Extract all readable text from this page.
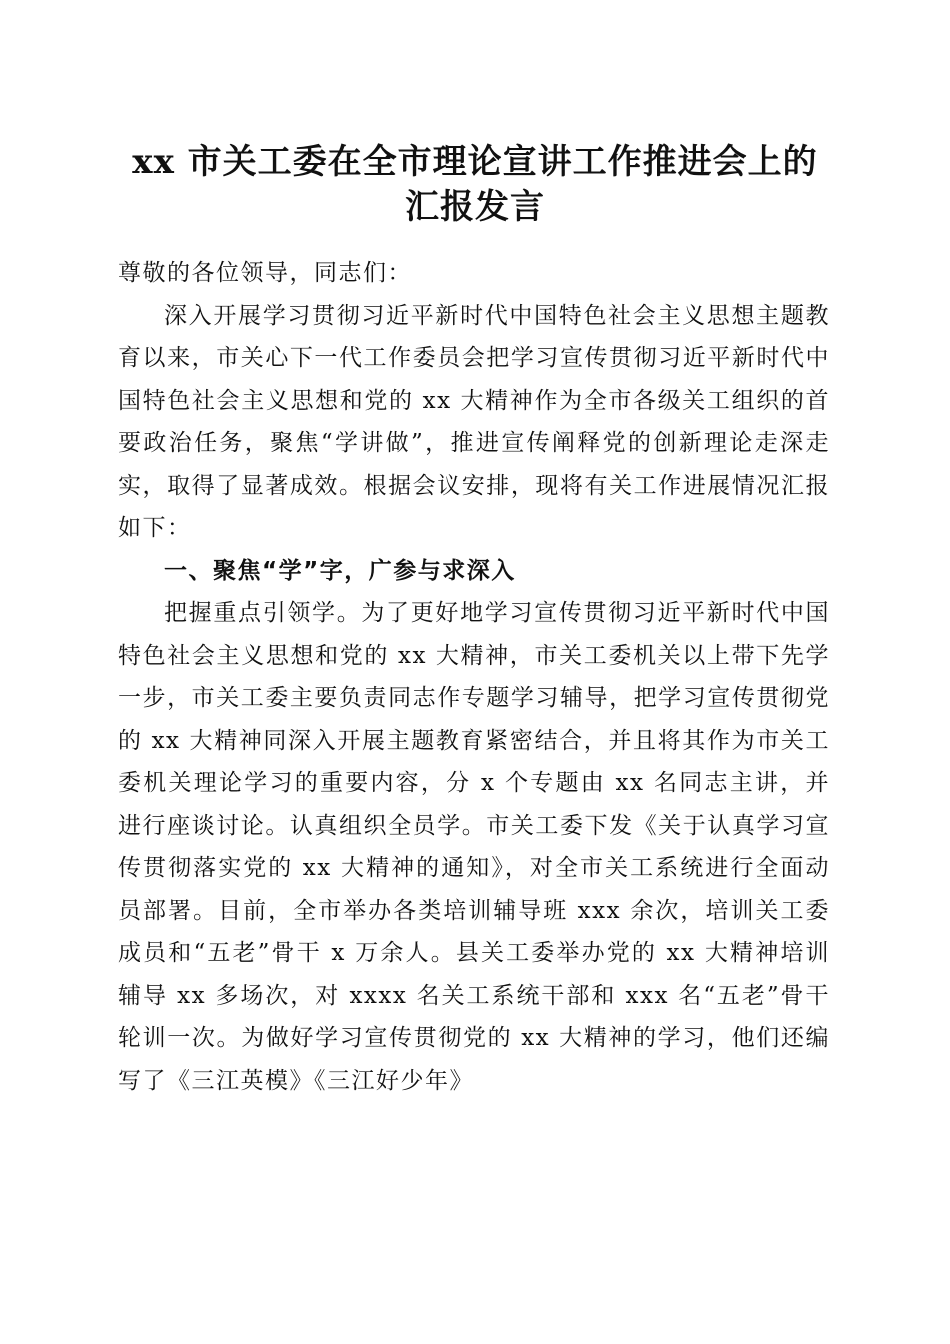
xx 市关工委在全市理论宣讲工作推进会上的
汇报发言

尊敬的各位领导，同志们：

深入开展学习贯彻习近平新时代中国特色社会主义思想主题教育以来，市关心下一代工作委员会把学习宣传贯彻习近平新时代中国特色社会主义思想和党的 xx 大精神作为全市各级关工组织的首要政治任务，聚焦“学讲做”，推进宣传阐释党的创新理论走深走实，取得了显著成效。根据会议安排，现将有关工作进展情况汇报如下：

一、聚焦“学”字，广参与求深入

把握重点引领学。为了更好地学习宣传贯彻习近平新时代中国特色社会主义思想和党的 xx 大精神，市关工委机关以上带下先学一步，市关工委主要负责同志作专题学习辅导，把学习宣传贯彻党的 xx 大精神同深入开展主题教育紧密结合，并且将其作为市关工委机关理论学习的重要内容，分 x 个专题由 xx 名同志主讲，并进行座谈讨论。认真组织全员学。市关工委下发《关于认真学习宣传贯彻落实党的 xx 大精神的通知》，对全市关工系统进行全面动员部署。目前，全市举办各类培训辅导班 xxx 余次，培训关工委成员和“五老”骨干 x 万余人。县关工委举办党的 xx 大精神培训辅导 xx 多场次，对 xxxx 名关工系统干部和 xxx 名“五老”骨干轮训一次。为做好学习宣传贯彻党的 xx 大精神的学习，他们还编写了《三江英模》《三江好少年》
